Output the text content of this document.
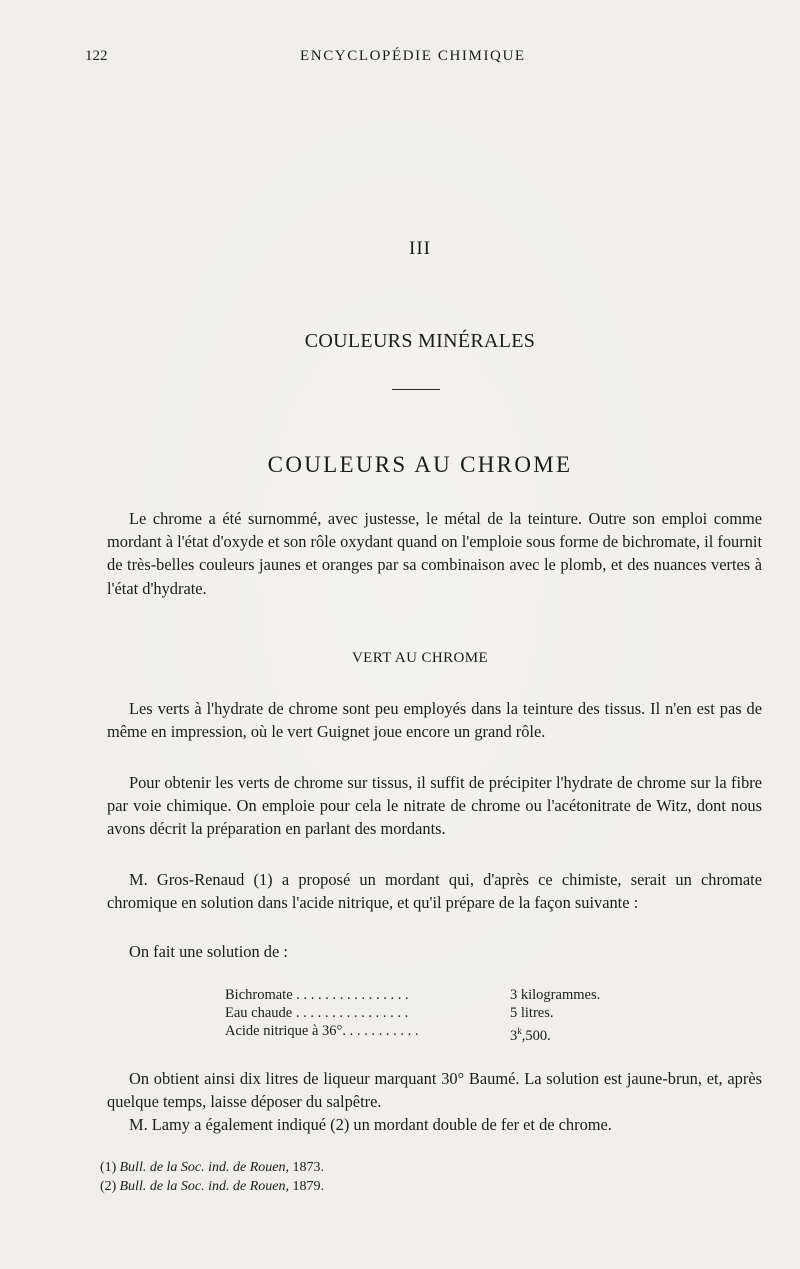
122	ENCYCLOPÉDIE CHIMIQUE
III
COULEURS MINÉRALES
COULEURS AU CHROME

Le chrome a été surnommé, avec justesse, le métal de la teinture. Outre son emploi comme mordant à l'état d'oxyde et son rôle oxydant quand on l'emploie sous forme de bichromate, il fournit de très-belles couleurs jaunes et oranges par sa combinaison avec le plomb, et des nuances vertes à l'état d'hydrate.

VERT AU CHROME

Les verts à l'hydrate de chrome sont peu employés dans la teinture des tissus. Il n'en est pas de même en impression, où le vert Guignet joue encore un grand rôle.

Pour obtenir les verts de chrome sur tissus, il suffit de précipiter l'hydrate de chrome sur la fibre par voie chimique. On emploie pour cela le nitrate de chrome ou l'acétonitrate de Witz, dont nous avons décrit la préparation en parlant des mordants.

M. Gros-Renaud (1) a proposé un mordant qui, d'après ce chimiste, serait un chromate chromique en solution dans l'acide nitrique, et qu'il prépare de la façon suivante :

On fait une solution de :

Bichromate . . . . . . . . . . . . . . . .	3 kilogrammes.
Eau chaude . . . . . . . . . . . . . . . .	5 litres.
Acide nitrique à 36°. . . . . . . . . . .	3$^k$,500.

On obtient ainsi dix litres de liqueur marquant 30° Baumé. La solution est jaune-brun, et, après quelque temps, laisse déposer du salpêtre.

M. Lamy a également indiqué (2) un mordant double de fer et de chrome.

(1) Bull. de la Soc. ind. de Rouen, 1873.
(2) Bull. de la Soc. ind. de Rouen, 1879.
